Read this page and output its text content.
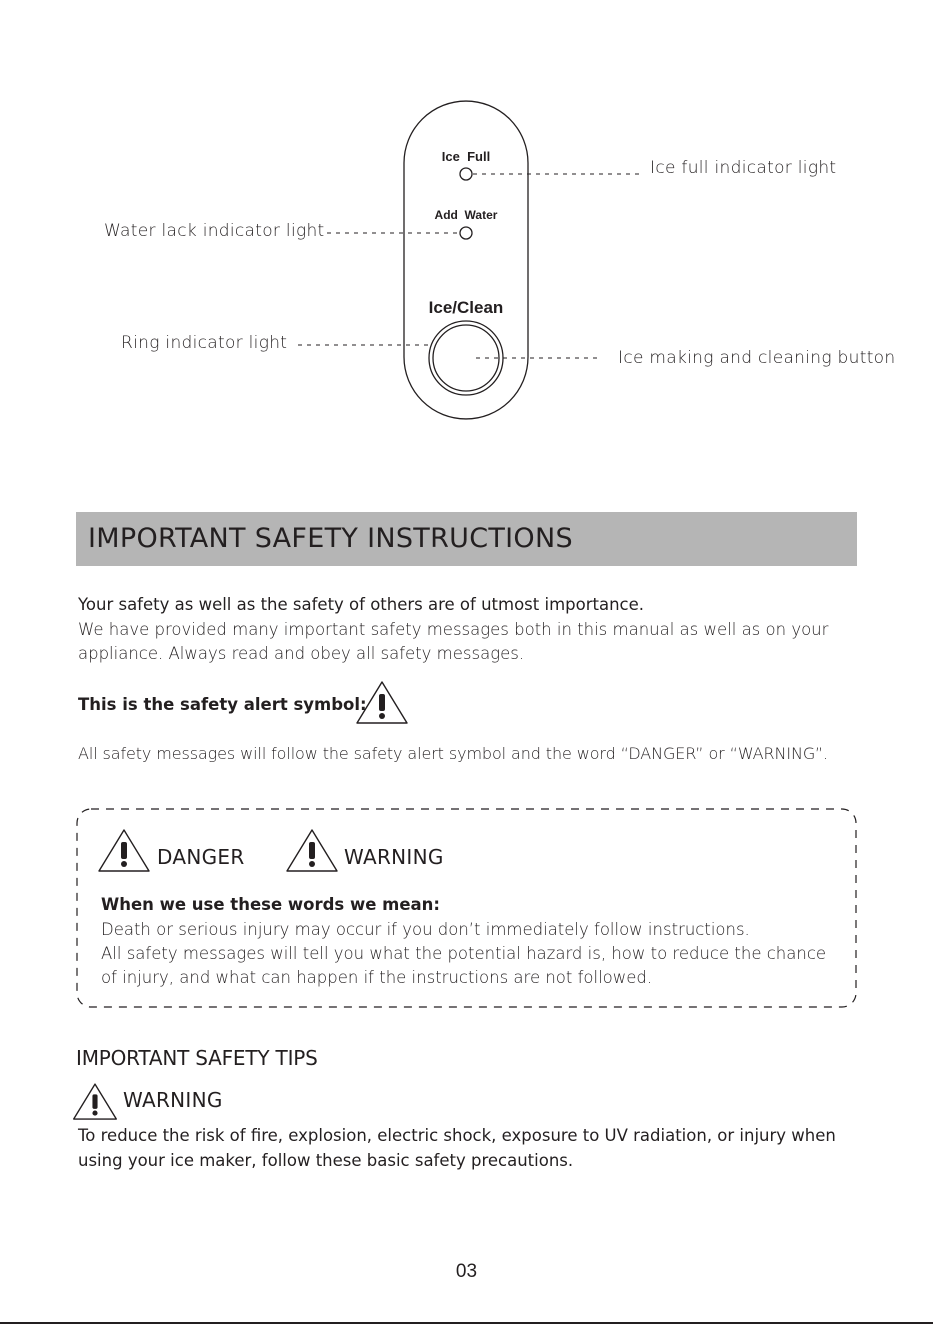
Ice  Full
Add  Water
Ice/Clean
Ice full indicator light
Water lack indicator light
Ring indicator light
Ice making and cleaning button
IMPORTANT SAFETY INSTRUCTIONS
Your safety as well as the safety of others are of utmost importance.
We have provided many important safety messages both in this manual as well as on your
appliance. Always read and obey all safety messages.
This is the safety alert symbol:
All safety messages will follow the safety alert symbol and the word “DANGER” or “WARNING”.
DANGER	WARNING
When we use these words we mean:
Death or serious injury may occur if you don’t immediately follow instructions.
All safety messages will tell you what the potential hazard is, how to reduce the chance
of injury, and what can happen if the instructions are not followed.
IMPORTANT SAFETY TIPS
WARNING
To reduce the risk of fire, explosion, electric shock, exposure to UV radiation, or injury when
using your ice maker, follow these basic safety precautions.
03
